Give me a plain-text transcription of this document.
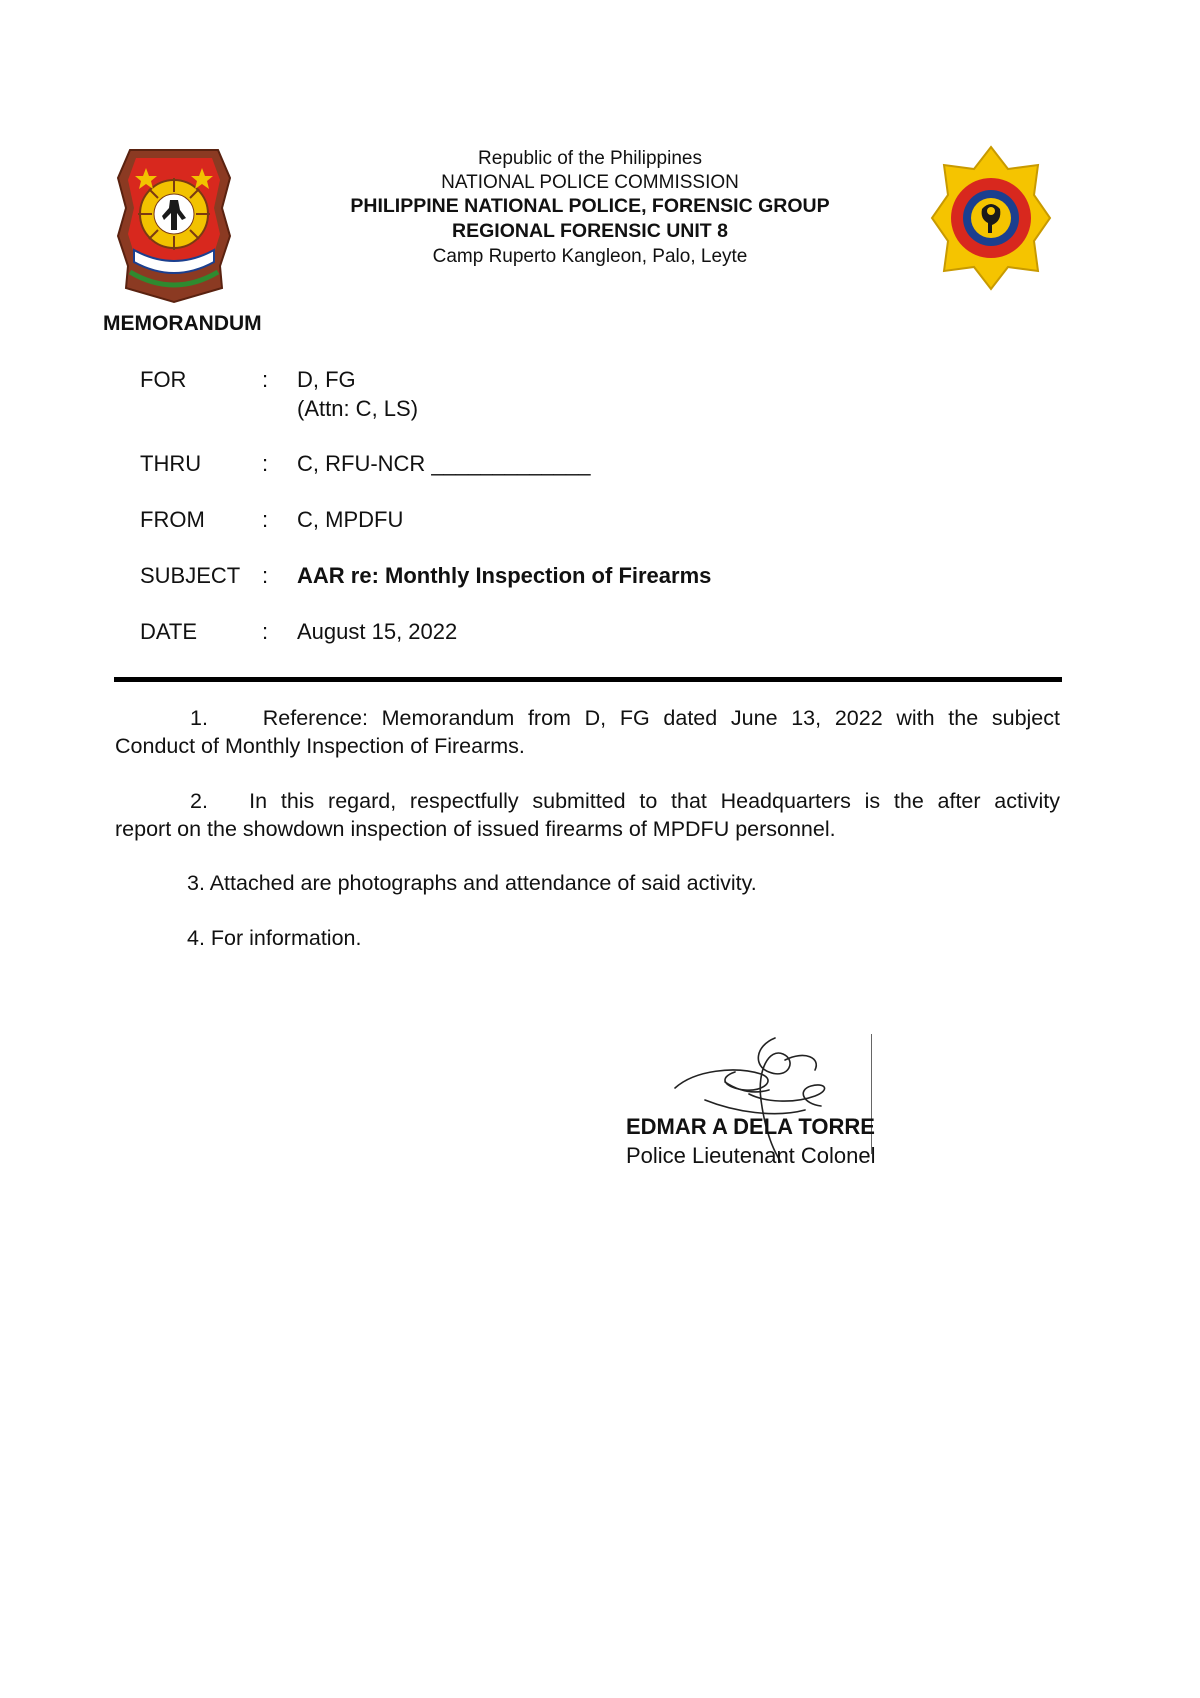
Republic of the Philippines
NATIONAL POLICE COMMISSION
PHILIPPINE NATIONAL POLICE, FORENSIC GROUP
REGIONAL FORENSIC UNIT 8
Camp Ruperto Kangleon, Palo, Leyte
MEMORANDUM
FOR	: D, FG
(Attn: C, LS)
THRU	: C, RFU-NCR _____________
FROM	: C, MPDFU
SUBJECT : AAR re: Monthly Inspection of Firearms
DATE	: August 15, 2022
1.	Reference: Memorandum from D, FG dated June 13, 2022 with the subject
Conduct of Monthly Inspection of Firearms.
2. In this regard, respectfully submitted to that Headquarters is the after activity
report on the showdown inspection of issued firearms of MPDFU personnel.
3. Attached are photographs and attendance of said activity.
4. For information.
EDMAR A DELA TORRE
Police Lieutenant Colonel
